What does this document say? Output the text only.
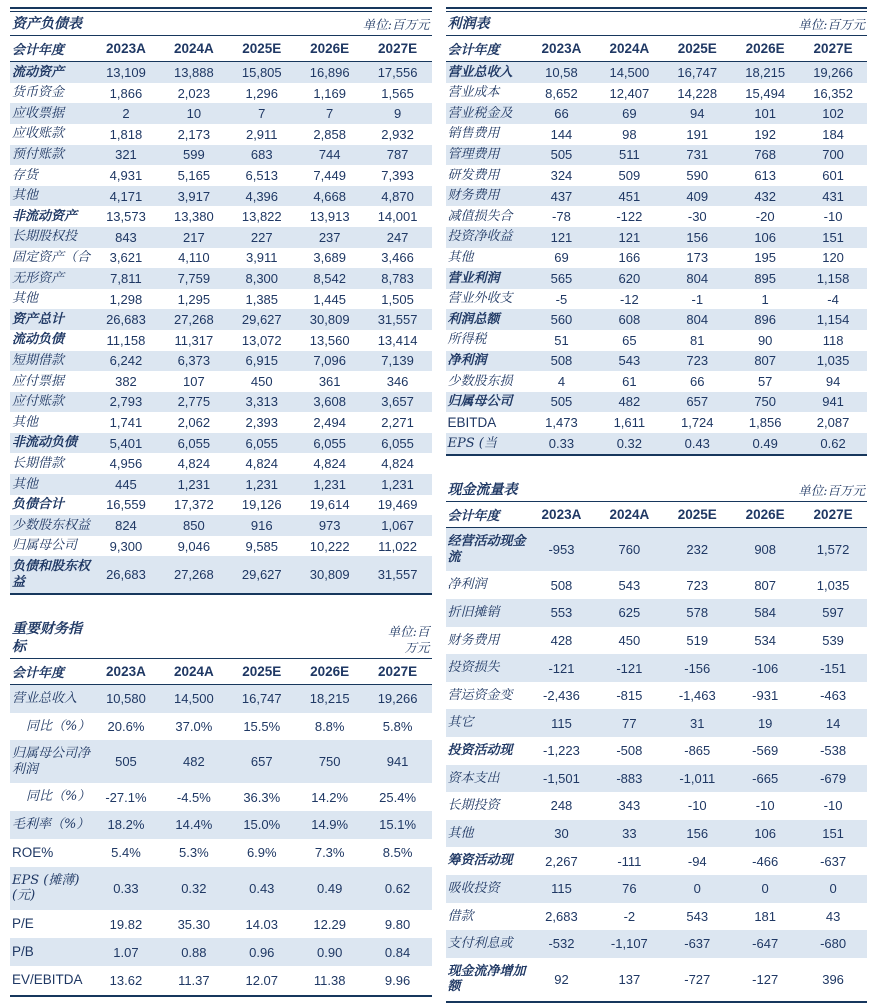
资产负债表	单位:百万元
会计年度	2023A	2024A	2025E	2026E	2027E
流动资产	13,109	13,888	15,805	16,896	17,556
货币资金	1,866	2,023	1,296	1,169	1,565
应收票据	2	10	7	7	9
应收账款	1,818	2,173	2,911	2,858	2,932
预付账款	321	599	683	744	787
存货	4,931	5,165	6,513	7,449	7,393
其他	4,171	3,917	4,396	4,668	4,870
非流动资产	13,573	13,380	13,822	13,913	14,001
长期股权投	843	217	227	237	247
固定资产（合	3,621	4,110	3,911	3,689	3,466
无形资产	7,811	7,759	8,300	8,542	8,783
其他	1,298	1,295	1,385	1,445	1,505
资产总计	26,683	27,268	29,627	30,809	31,557
流动负债	11,158	11,317	13,072	13,560	13,414
短期借款	6,242	6,373	6,915	7,096	7,139
应付票据	382	107	450	361	346
应付账款	2,793	2,775	3,313	3,608	3,657
其他	1,741	2,062	2,393	2,494	2,271
非流动负债	5,401	6,055	6,055	6,055	6,055
长期借款	4,956	4,824	4,824	4,824	4,824
其他	445	1,231	1,231	1,231	1,231
负债合计	16,559	17,372	19,126	19,614	19,469
少数股东权益	824	850	916	973	1,067
归属母公司	9,300	9,046	9,585	10,222	11,022
负债和股东权益	26,683	27,268	29,627	30,809	31,557
重要财务指标
单位:百万元
会计年度	2023A	2024A	2025E	2026E	2027E
营业总收入	10,580	14,500	16,747	18,215	19,266
同比（%）	20.6%	37.0%	15.5%	8.8%	5.8%
归属母公司净利润	505	482	657	750	941
同比（%）	-27.1%	-4.5%	36.3%	14.2%	25.4%
毛利率（%）	18.2%	14.4%	15.0%	14.9%	15.1%
ROE%	5.4%	5.3%	6.9%	7.3%	8.5%
EPS (摊薄)(元)	0.33	0.32	0.43	0.49	0.62
P/E	19.82	35.30	14.03	12.29	9.80
P/B	1.07	0.88	0.96	0.90	0.84
EV/EBITDA	13.62	11.37	12.07	11.38	9.96
利润表	单位:百万元
会计年度	2023A	2024A	2025E	2026E	2027E
营业总收入	10,58	14,500	16,747	18,215	19,266
营业成本	8,652	12,407	14,228	15,494	16,352
营业税金及	66	69	94	101	102
销售费用	144	98	191	192	184
管理费用	505	511	731	768	700
研发费用	324	509	590	613	601
财务费用	437	451	409	432	431
减值损失合	-78	-122	-30	-20	-10
投资净收益	121	121	156	106	151
其他	69	166	173	195	120
营业利润	565	620	804	895	1,158
营业外收支	-5	-12	-1	1	-4
利润总额	560	608	804	896	1,154
所得税	51	65	81	90	118
净利润	508	543	723	807	1,035
少数股东损	4	61	66	57	94
归属母公司	505	482	657	750	941
EBITDA	1,473	1,611	1,724	1,856	2,087
EPS (当	0.33	0.32	0.43	0.49	0.62
现金流量表	单位:百万元
会计年度	2023A	2024A	2025E	2026E	2027E
经营活动现金流	-953	760	232	908	1,572
净利润	508	543	723	807	1,035
折旧摊销	553	625	578	584	597
财务费用	428	450	519	534	539
投资损失	-121	-121	-156	-106	-151
营运资金变	-2,436	-815	-1,463	-931	-463
其它	115	77	31	19	14
投资活动现	-1,223	-508	-865	-569	-538
资本支出	-1,501	-883	-1,011	-665	-679
长期投资	248	343	-10	-10	-10
其他	30	33	156	106	151
筹资活动现	2,267	-111	-94	-466	-637
吸收投资	115	76	0	0	0
借款	2,683	-2	543	181	43
支付利息或	-532	-1,107	-637	-647	-680
现金流净增加额	92	137	-727	-127	396
